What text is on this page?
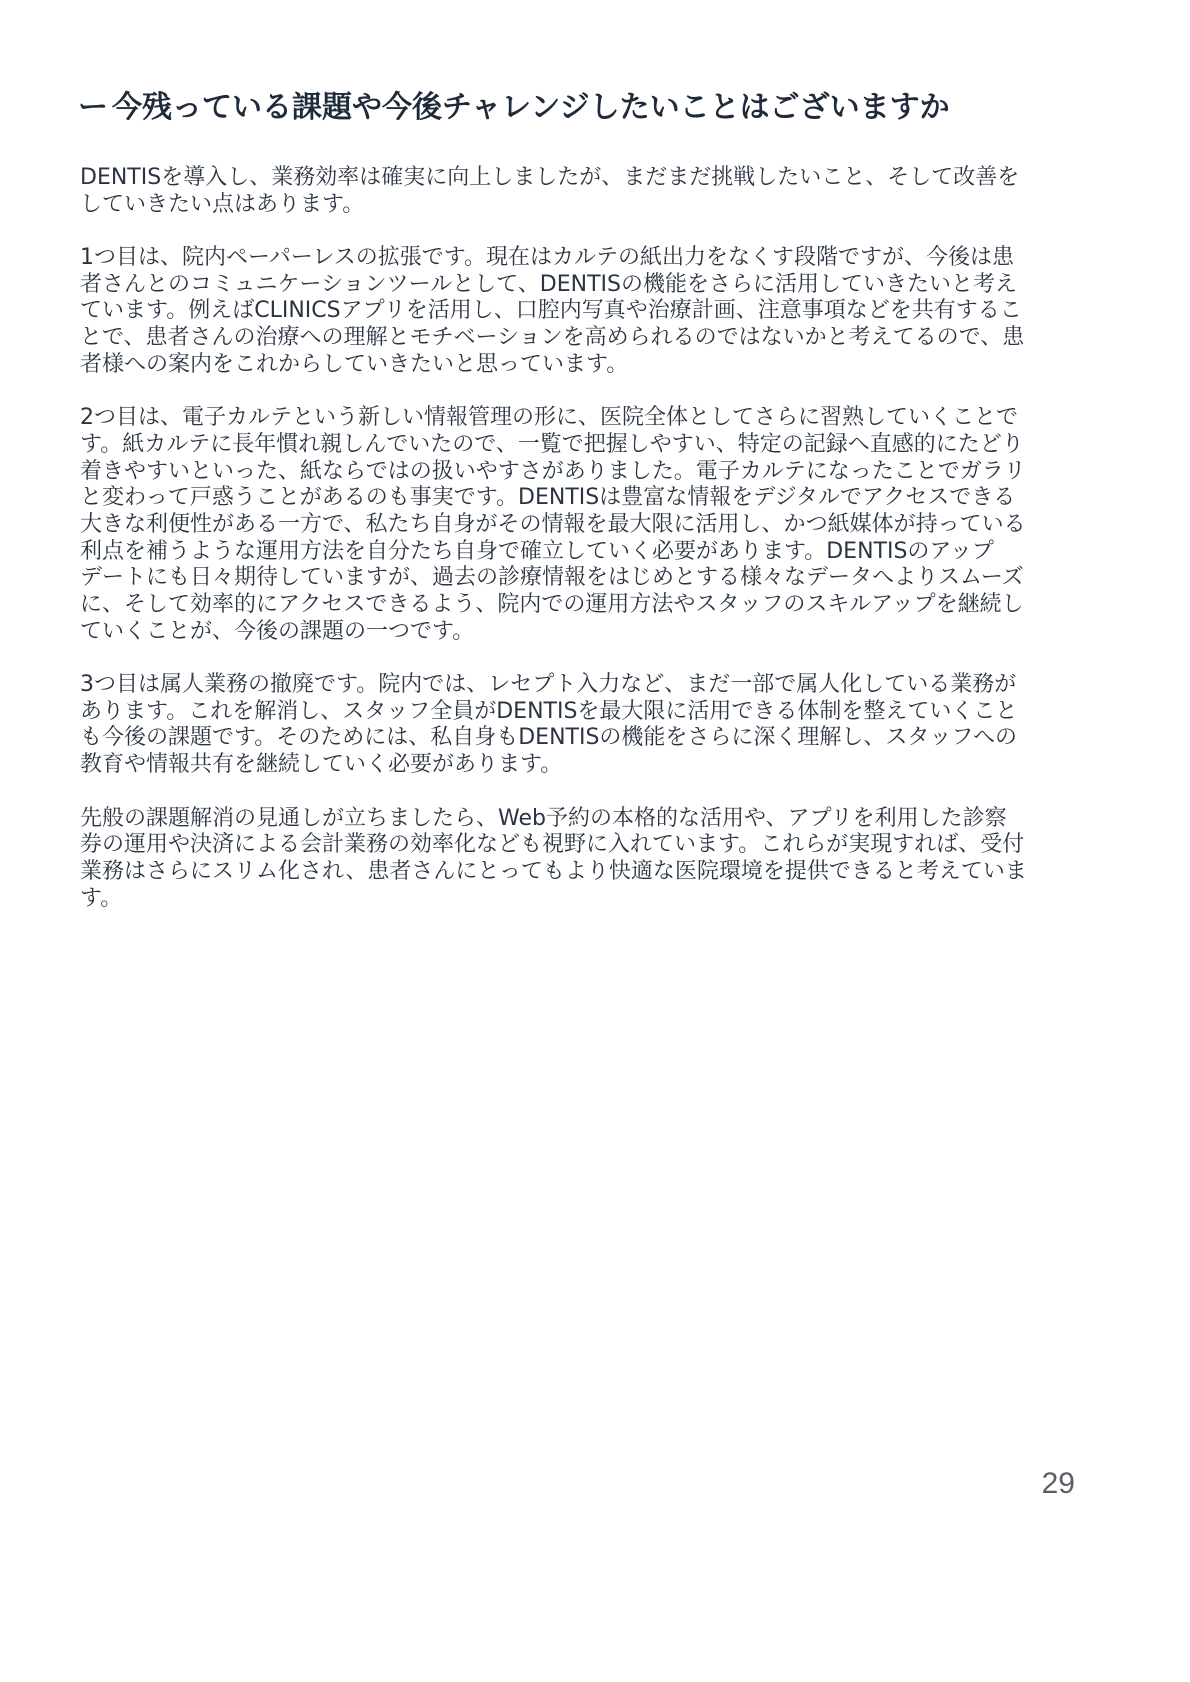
ー 今残っている課題や今後チャレンジしたいことはございますか

DENTISを導入し、業務効率は確実に向上しましたが、まだまだ挑戦したいこと、そして改善を
していきたい点はあります。

1つ目は、院内ペーパーレスの拡張です。現在はカルテの紙出力をなくす段階ですが、今後は患
者さんとのコミュニケーションツールとして、DENTISの機能をさらに活用していきたいと考え
ています。例えばCLINICSアプリを活用し、口腔内写真や治療計画、注意事項などを共有するこ
とで、患者さんの治療への理解とモチベーションを高められるのではないかと考えてるので、患
者様への案内をこれからしていきたいと思っています。

2つ目は、電子カルテという新しい情報管理の形に、医院全体としてさらに習熟していくことで
す。紙カルテに長年慣れ親しんでいたので、一覧で把握しやすい、特定の記録へ直感的にたどり
着きやすいといった、紙ならではの扱いやすさがありました。電子カルテになったことでガラリ
と変わって戸惑うことがあるのも事実です。DENTISは豊富な情報をデジタルでアクセスできる
大きな利便性がある一方で、私たち自身がその情報を最大限に活用し、かつ紙媒体が持っている
利点を補うような運用方法を自分たち自身で確立していく必要があります。DENTISのアップ
デートにも日々期待していますが、過去の診療情報をはじめとする様々なデータへよりスムーズ
に、そして効率的にアクセスできるよう、院内での運用方法やスタッフのスキルアップを継続し
ていくことが、今後の課題の一つです。

3つ目は属人業務の撤廃です。院内では、レセプト入力など、まだ一部で属人化している業務が
あります。これを解消し、スタッフ全員がDENTISを最大限に活用できる体制を整えていくこと
も今後の課題です。そのためには、私自身もDENTISの機能をさらに深く理解し、スタッフへの
教育や情報共有を継続していく必要があります。

先般の課題解消の見通しが立ちましたら、Web予約の本格的な活用や、アプリを利用した診察
券の運用や決済による会計業務の効率化なども視野に入れています。これらが実現すれば、受付
業務はさらにスリム化され、患者さんにとってもより快適な医院環境を提供できると考えていま
す。

29
